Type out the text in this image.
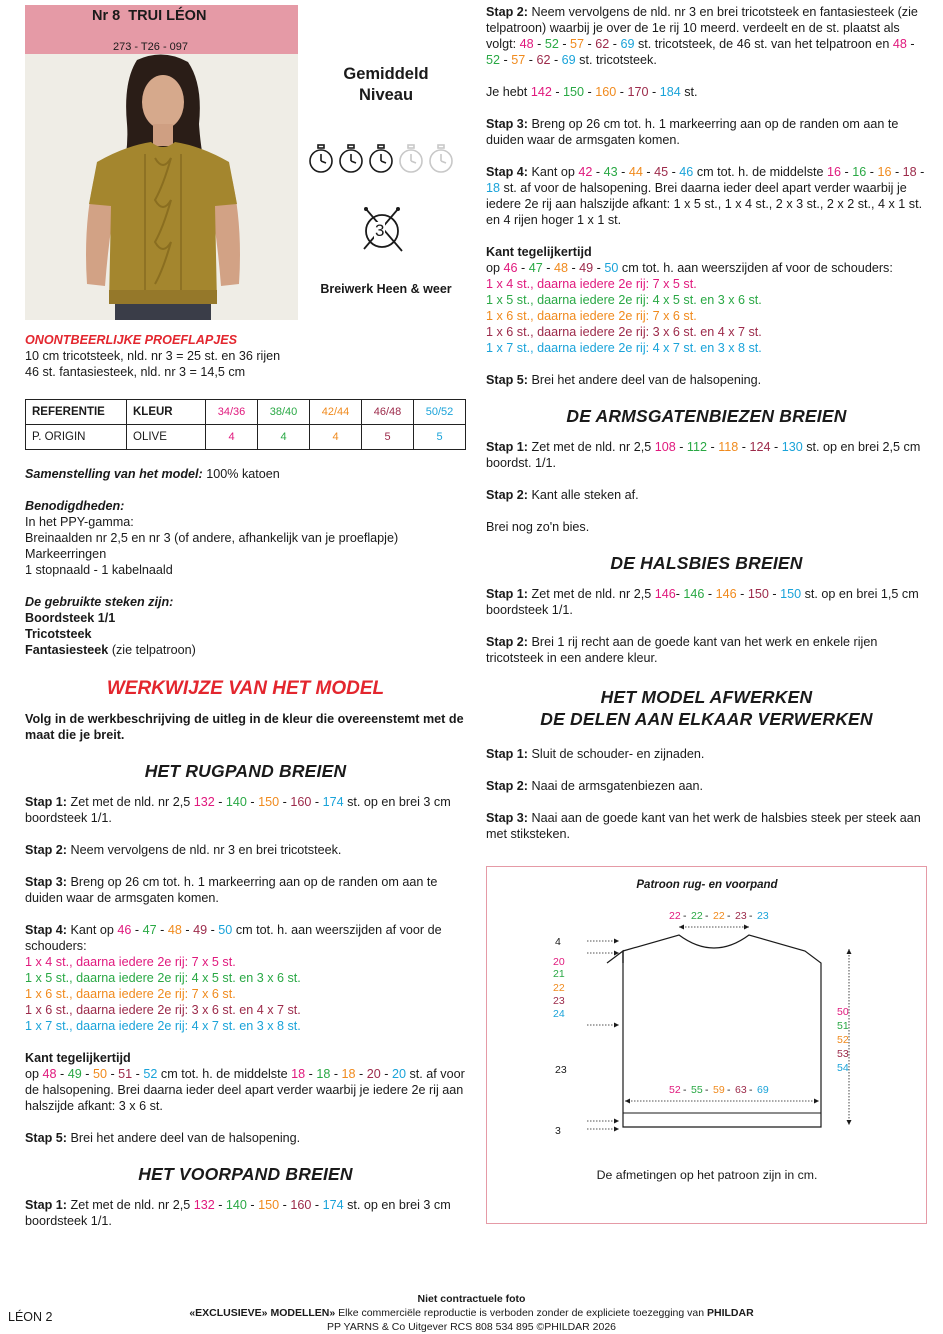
Nr 8 TRUI LÉON
273 - T26 - 097
Gemiddeld
Niveau
3
Breiwerk Heen & weer
ONONTBEERLIJKE PROEFLAPJES
10 cm tricotsteek, nld. nr 3 = 25 st. en 36 rijen
46 st. fantasiesteek, nld. nr 3 = 14,5 cm
REFERENTIE	KLEUR	34/36	38/40	42/44	46/48	50/52
P. ORIGIN	OLIVE	4	4	4	5	5

Samenstelling van het model: 100% katoen

Benodigdheden:
In het PPY-gamma:
Breinaalden nr 2,5 en nr 3 (of andere, afhankelijk van je proeflapje)
Markeerringen
1 stopnaald - 1 kabelnaald
De gebruikte steken zijn:
Boordsteek 1/1
Tricotsteek
Fantasiesteek (zie telpatroon)
WERKWIJZE VAN HET MODEL

Volg in de werkbeschrijving de uitleg in de kleur die overeenstemt met de maat die je breit.

HET RUGPAND BREIEN

Stap 1: Zet met de nld. nr 2,5 132 - 140 - 150 - 160 - 174 st. op en brei 3 cm boordsteek 1/1.

Stap 2: Neem vervolgens de nld. nr 3 en brei tricotsteek.

Stap 3: Breng op 26 cm tot. h. 1 markeerring aan op de randen om aan te duiden waar de armsgaten komen.

Stap 4: Kant op 46 - 47 - 48 - 49 - 50 cm tot. h. aan weerszijden af voor de schouders:

1 x 4 st., daarna iedere 2e rij: 7 x 5 st.

1 x 5 st., daarna iedere 2e rij: 4 x 5 st. en 3 x 6 st.

1 x 6 st., daarna iedere 2e rij: 7 x 6 st.

1 x 6 st., daarna iedere 2e rij: 3 x 6 st. en 4 x 7 st.

1 x 7 st., daarna iedere 2e rij: 4 x 7 st. en 3 x 8 st.

Kant tegelijkertijd

op 48 - 49 - 50 - 51 - 52 cm tot. h. de middelste 18 - 18 - 18 - 20 - 20 st. af voor de halsopening. Brei daarna ieder deel apart verder waarbij je iedere 2e rij aan halszijde afkant: 3 x 6 st.

Stap 5: Brei het andere deel van de halsopening.

HET VOORPAND BREIEN

Stap 1: Zet met de nld. nr 2,5 132 - 140 - 150 - 160 - 174 st. op en brei 3 cm boordsteek 1/1.

Stap 2: Neem vervolgens de nld. nr 3 en brei tricotsteek en fantasiesteek (zie telpatroon) waarbij je over de 1e rij 10 meerd. verdeelt en de st. plaatst als volgt: 48 - 52 - 57 - 62 - 69 st. tricotsteek, de 46 st. van het telpatroon en 48 - 52 - 57 - 62 - 69 st. tricotsteek.

Je hebt 142 - 150 - 160 - 170 - 184 st.

Stap 3: Breng op 26 cm tot. h. 1 markeerring aan op de randen om aan te duiden waar de armsgaten komen.

Stap 4: Kant op 42 - 43 - 44 - 45 - 46 cm tot. h. de middelste 16 - 16 - 16 - 18 - 18 st. af voor de halsopening. Brei daarna ieder deel apart verder waarbij je iedere 2e rij aan halszijde afkant: 1 x 5 st., 1 x 4 st., 2 x 3 st., 2 x 2 st., 4 x 1 st. en 4 rijen hoger 1 x 1 st.

Kant tegelijkertijd

op 46 - 47 - 48 - 49 - 50 cm tot. h. aan weerszijden af voor de schouders:

1 x 4 st., daarna iedere 2e rij: 7 x 5 st.

1 x 5 st., daarna iedere 2e rij: 4 x 5 st. en 3 x 6 st.

1 x 6 st., daarna iedere 2e rij: 7 x 6 st.

1 x 6 st., daarna iedere 2e rij: 3 x 6 st. en 4 x 7 st.

1 x 7 st., daarna iedere 2e rij: 4 x 7 st. en 3 x 8 st.

Stap 5: Brei het andere deel van de halsopening.

DE ARMSGATENBIEZEN BREIEN

Stap 1: Zet met de nld. nr 2,5 108 - 112 - 118 - 124 - 130 st. op en brei 2,5 cm boordst. 1/1.

Stap 2: Kant alle steken af.

Brei nog zo'n bies.

DE HALSBIES BREIEN

Stap 1: Zet met de nld. nr 2,5 146- 146 - 146 - 150 - 150 st. op en brei 1,5 cm boordsteek 1/1.

Stap 2: Brei 1 rij recht aan de goede kant van het werk en enkele rijen tricotsteek in een andere kleur.

HET MODEL AFWERKEN
DE DELEN AAN ELKAAR VERWERKEN

Stap 1: Sluit de schouder- en zijnaden.

Stap 2: Naai de armsgatenbiezen aan.

Stap 3: Naai aan de goede kant van het werk de halsbies steek per steek aan met stiksteken.

Patroon rug- en voorpand
22 - 22 - 22 - 23 - 23
4
20
21
22
23
24
23
3
50
51
52
53
54
52 - 55 - 59 - 63 - 69
De afmetingen op het patroon zijn in cm.
Niet contractuele foto
«EXCLUSIEVE» MODELLEN» Elke commerciële reproductie is verboden zonder de expliciete toezegging van PHILDAR
PP YARNS & Co Uitgever RCS 808 534 895 ©PHILDAR 2026
LÉON 2
